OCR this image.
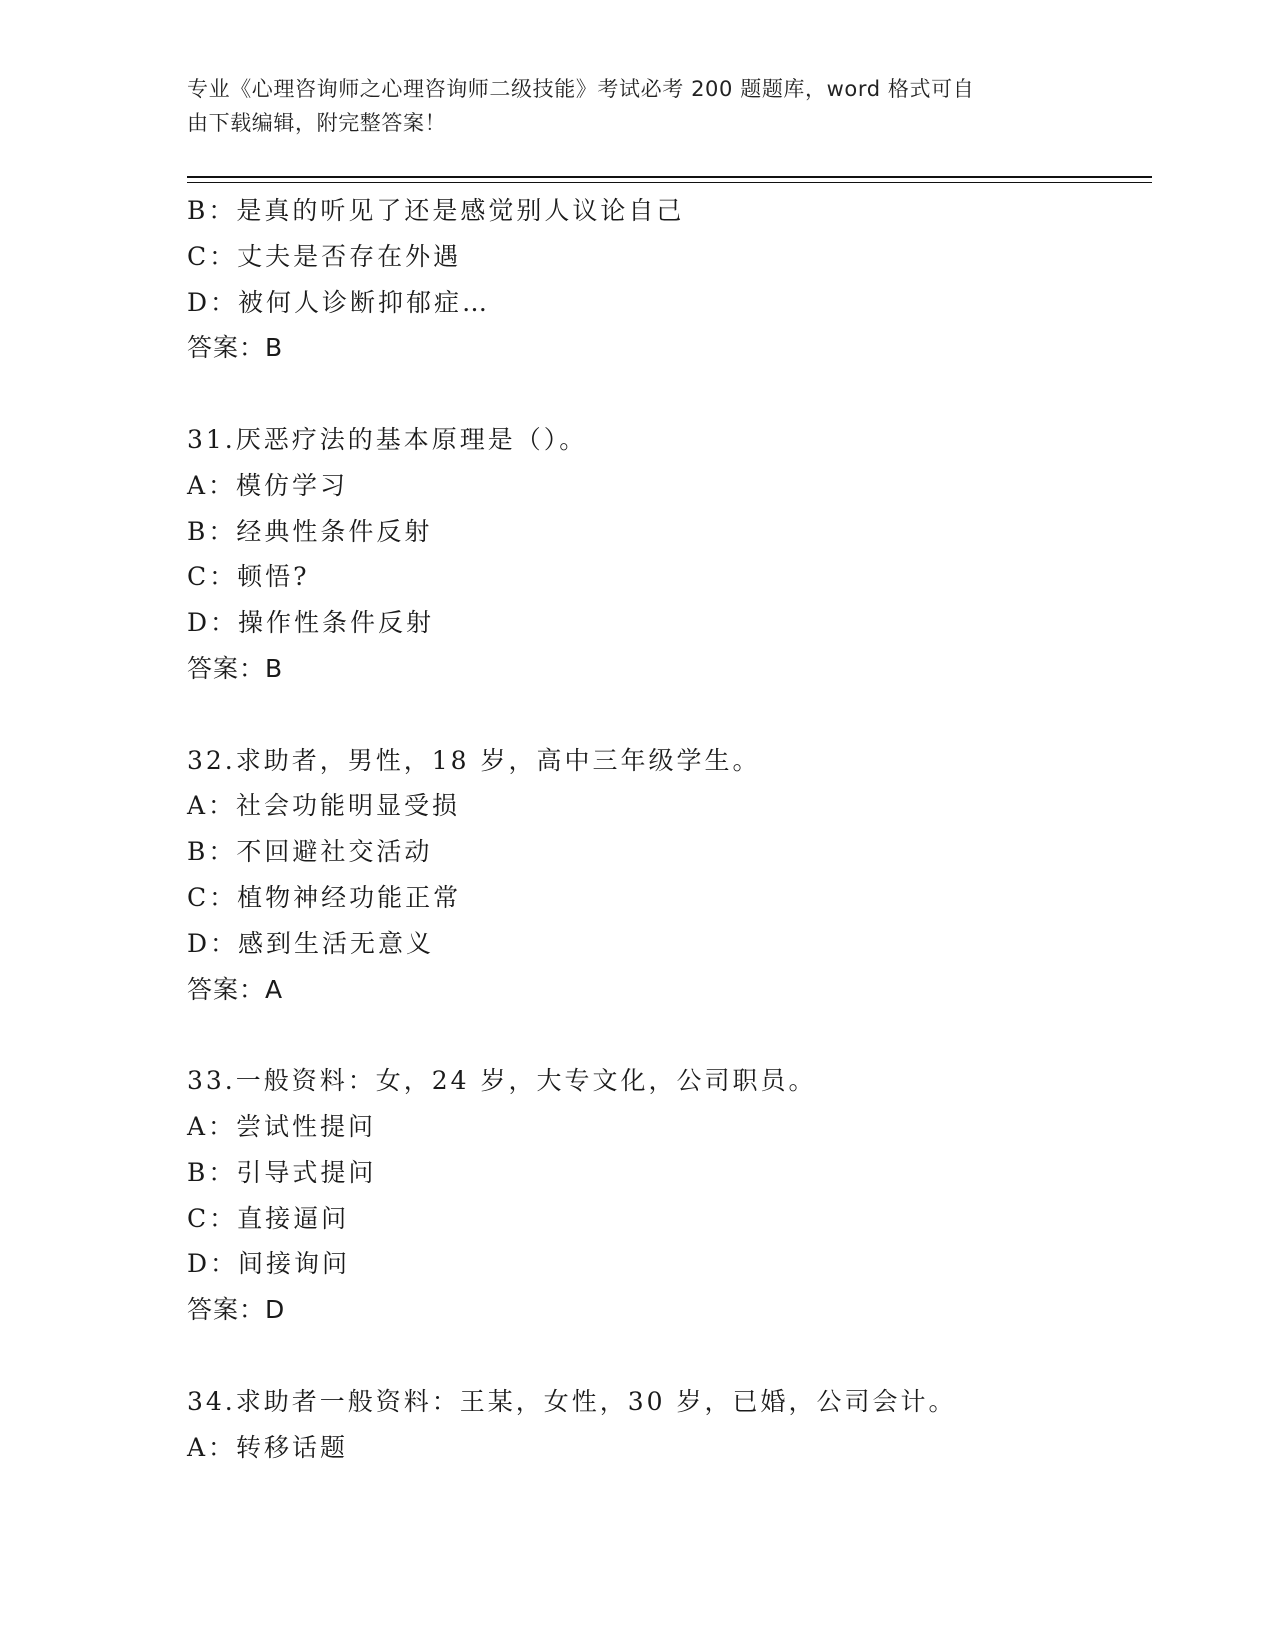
专业《心理咨询师之心理咨询师二级技能》考试必考 200 题题库，word 格式可自
由下载编辑，附完整答案！
B：是真的听见了还是感觉别人议论自己
C：丈夫是否存在外遇
D：被何人诊断抑郁症…
答案：B
31.厌恶疗法的基本原理是（）。
A：模仿学习
B：经典性条件反射
C：顿悟?
D：操作性条件反射
答案：B
32.求助者，男性，18 岁，高中三年级学生。
A：社会功能明显受损
B：不回避社交活动
C：植物神经功能正常
D：感到生活无意义
答案：A
33.一般资料：女，24 岁，大专文化，公司职员。
A：尝试性提问
B：引导式提问
C：直接逼问
D：间接询问
答案：D
34.求助者一般资料：王某，女性，30 岁，已婚，公司会计。
A：转移话题
